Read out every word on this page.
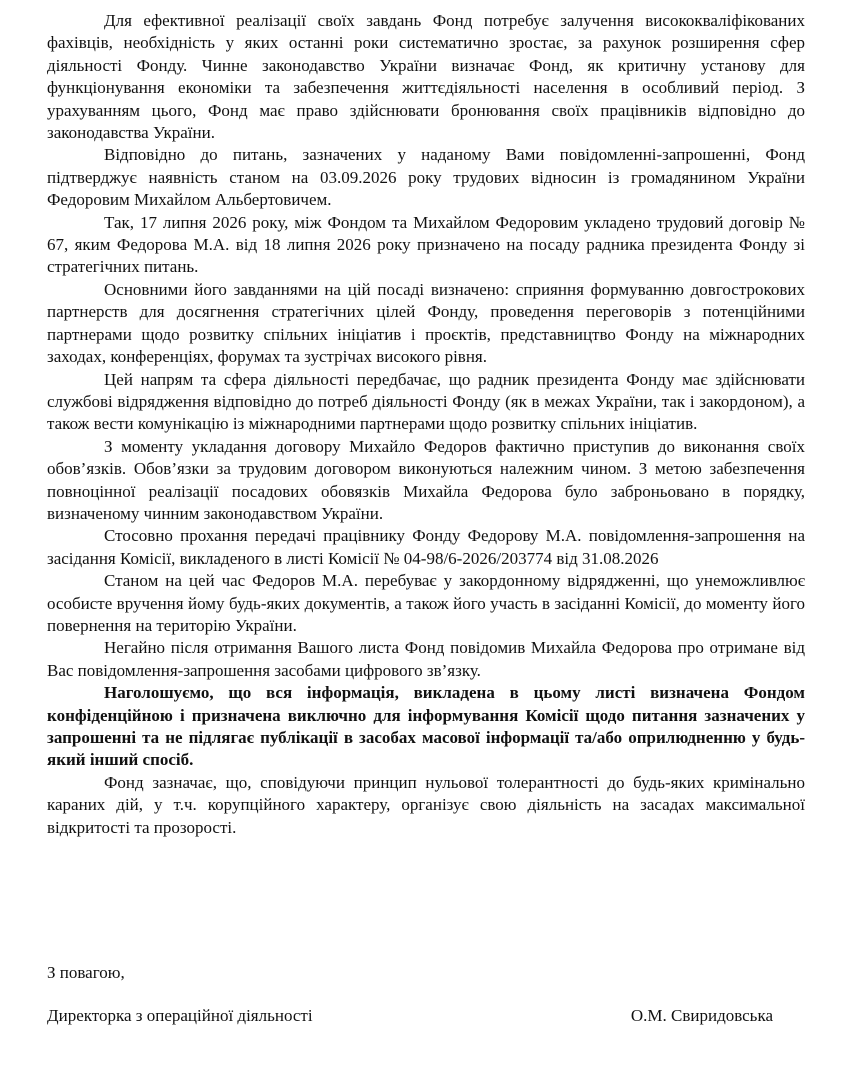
Для ефективної реалізації своїх завдань Фонд потребує залучення висококваліфікованих фахівців, необхідність у яких останні роки систематично зростає, за рахунок розширення сфер діяльності Фонду. Чинне законодавство України визначає Фонд, як критичну установу для функціонування економіки та забезпечення життєдіяльності населення в особливий період. З урахуванням цього, Фонд має право здійснювати бронювання своїх працівників відповідно до законодавства України.

Відповідно до питань, зазначених у наданому Вами повідомленні-запрошенні, Фонд підтверджує наявність станом на 03.09.2026 року трудових відносин із громадянином України Федоровим Михайлом Альбертовичем.

Так, 17 липня 2026 року, між Фондом та Михайлом Федоровим укладено трудовий договір № 67, яким Федорова М.А. від 18 липня 2026 року призначено на посаду радника президента Фонду зі стратегічних питань.

Основними його завданнями на цій посаді визначено: сприяння формуванню довгострокових партнерств для досягнення стратегічних цілей Фонду, проведення переговорів з потенційними партнерами щодо розвитку спільних ініціатив і проєктів, представництво Фонду на міжнародних заходах, конференціях, форумах та зустрічах високого рівня.

Цей напрям та сфера діяльності передбачає, що радник президента Фонду має здійснювати службові відрядження відповідно до потреб діяльності Фонду (як в межах України, так і закордоном), а також вести комунікацію із міжнародними партнерами щодо розвитку спільних ініціатив.

З моменту укладання договору Михайло Федоров фактично приступив до виконання своїх обов’язків. Обов’язки за трудовим договором виконуються належним чином. З метою забезпечення повноцінної реалізації посадових обовязків Михайла Федорова було заброньовано в порядку, визначеному чинним законодавством України.

Стосовно прохання передачі працівнику Фонду Федорову М.А. повідомлення-запрошення на засідання Комісії, викладеного в листі Комісії № 04-98/6-2026/203774 від 31.08.2026

Станом на цей час Федоров М.А. перебуває у закордонному відрядженні, що унеможливлює особисте вручення йому будь-яких документів, а також його участь в засіданні Комісії, до моменту його повернення на територію України.

Негайно після отримання Вашого листа Фонд повідомив Михайла Федорова про отримане від Вас повідомлення-запрошення засобами цифрового зв’язку.

Наголошуємо, що вся інформація, викладена в цьому листі визначена Фондом конфіденційною і призначена виключно для інформування Комісії щодо питання зазначених у запрошенні та не підлягає публікації в засобах масової інформації та/або оприлюдненню у будь-який інший спосіб.

Фонд зазначає, що, сповідуючи принцип нульової толерантності до будь-яких кримінально караних дій, у т.ч. корупційного характеру, організує свою діяльність на засадах максимальної відкритості та прозорості.

З повагою,

Директорка з операційної діяльності	О.М. Свиридовська
